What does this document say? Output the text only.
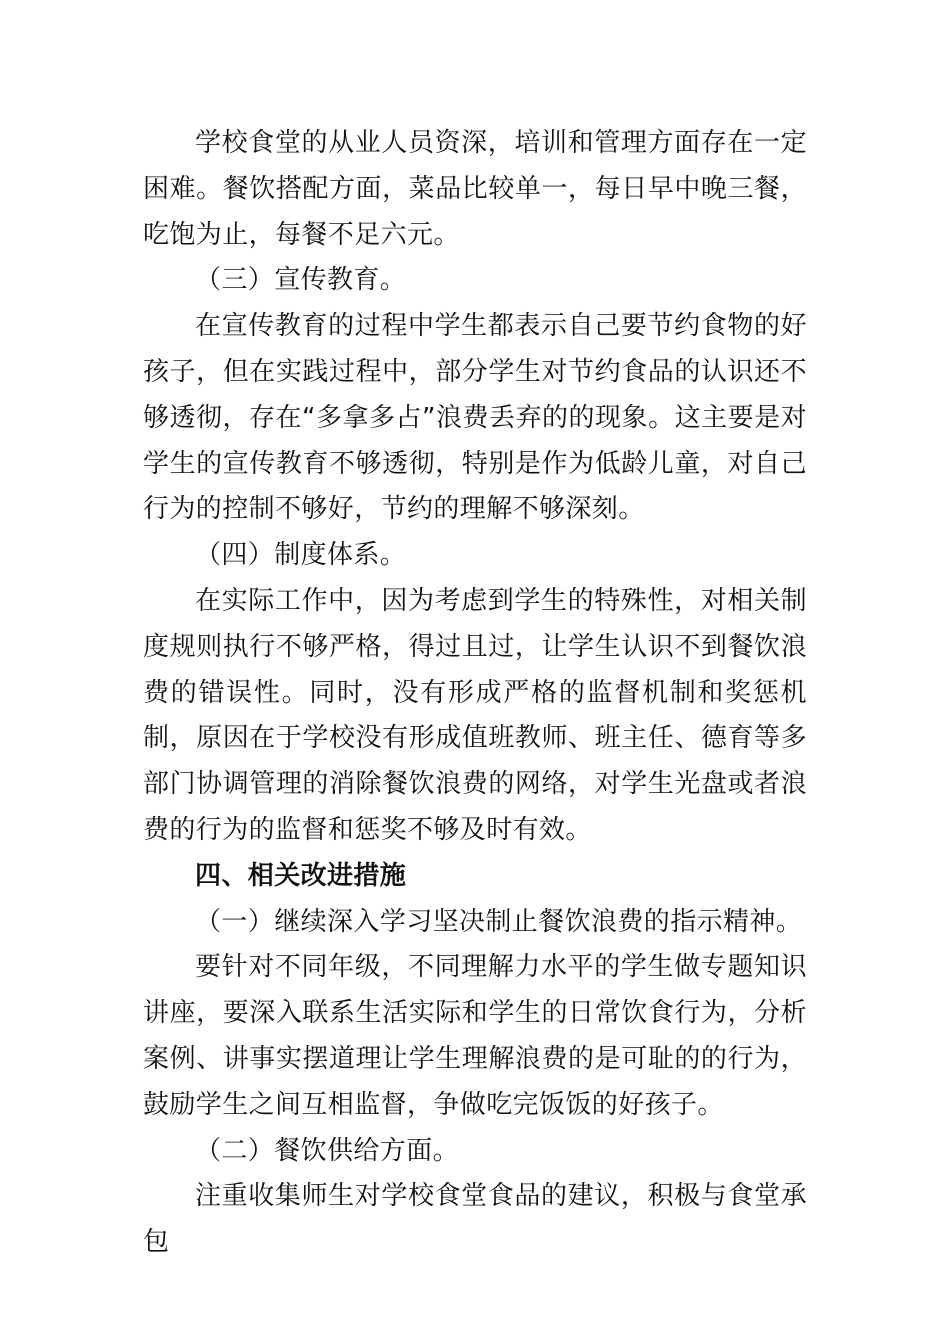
学校食堂的从业人员资深，培训和管理方面存在一定困难。餐饮搭配方面，菜品比较单一，每日早中晚三餐，吃饱为止，每餐不足六元。

（三）宣传教育。

在宣传教育的过程中学生都表示自己要节约食物的好孩子，但在实践过程中，部分学生对节约食品的认识还不够透彻，存在“多拿多占”浪费丢弃的的现象。这主要是对学生的宣传教育不够透彻，特别是作为低龄儿童，对自己行为的控制不够好，节约的理解不够深刻。

（四）制度体系。

在实际工作中，因为考虑到学生的特殊性，对相关制度规则执行不够严格，得过且过，让学生认识不到餐饮浪费的错误性。同时，没有形成严格的监督机制和奖惩机制，原因在于学校没有形成值班教师、班主任、德育等多部门协调管理的消除餐饮浪费的网络，对学生光盘或者浪费的行为的监督和惩奖不够及时有效。

四、相关改进措施

（一）继续深入学习坚决制止餐饮浪费的指示精神。

要针对不同年级，不同理解力水平的学生做专题知识讲座，要深入联系生活实际和学生的日常饮食行为，分析案例、讲事实摆道理让学生理解浪费的是可耻的的行为，鼓励学生之间互相监督，争做吃完饭饭的好孩子。

（二）餐饮供给方面。

注重收集师生对学校食堂食品的建议，积极与食堂承包
